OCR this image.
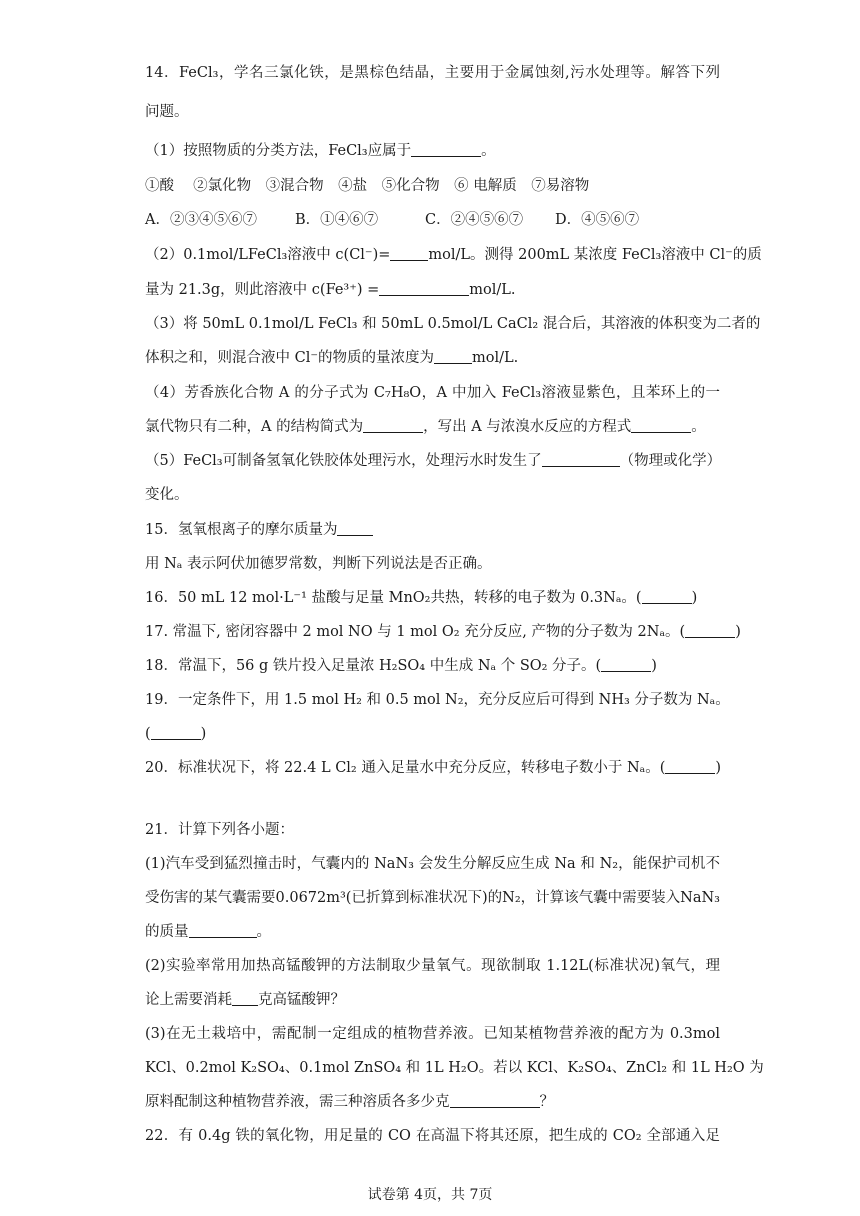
14．FeCl₃，学名三氯化铁，是黑棕色结晶，主要用于金属蚀刻,污水处理等。解答下列
问题。
（1）按照物质的分类方法，FeCl₃应属于	。
①酸　 ②氯化物　③混合物　④盐　⑤化合物　⑥ 电解质　⑦易溶物
A．②③④⑤⑥⑦	B．①④⑥⑦	C．②④⑤⑥⑦ D．④⑤⑥⑦
（2）0.1mol/LFeCl₃溶液中 c(Cl⁻)=	mol/L。测得 200mL 某浓度 FeCl₃溶液中 Cl⁻的质
量为 21.3g，则此溶液中 c(Fe³⁺) =	mol/L.
（3）将 50mL 0.1mol/L FeCl₃ 和 50mL 0.5mol/L CaCl₂ 混合后，其溶液的体积变为二者的
体积之和，则混合液中 Cl⁻的物质的量浓度为	mol/L.
（4）芳香族化合物 A 的分子式为 C₇H₈O，A 中加入 FeCl₃溶液显紫色，且苯环上的一
氯代物只有二种，A 的结构简式为	，写出 A 与浓溴水反应的方程式	。
（5）FeCl₃可制备氢氧化铁胶体处理污水，处理污水时发生了	（物理或化学）
变化。
15．氢氧根离子的摩尔质量为
用 Nₐ 表示阿伏加德罗常数，判断下列说法是否正确。
16．50 mL 12 mol·L⁻¹ 盐酸与足量 MnO₂共热，转移的电子数为 0.3Nₐ。(	)
17. 常温下, 密闭容器中 2 mol NO 与 1 mol O₂ 充分反应, 产物的分子数为 2Nₐ。(	)
18．常温下，56 g 铁片投入足量浓 H₂SO₄ 中生成 Nₐ 个 SO₂ 分子。(	)
19．一定条件下，用 1.5 mol H₂ 和 0.5 mol N₂，充分反应后可得到 NH₃ 分子数为 Nₐ。
(	)
20．标准状况下，将 22.4 L Cl₂ 通入足量水中充分反应，转移电子数小于 Nₐ。(	)
21．计算下列各小题：
(1)汽车受到猛烈撞击时，气囊内的 NaN₃ 会发生分解反应生成 Na 和 N₂，能保护司机不
受伤害的某气囊需要0.0672m³(已折算到标准状况下)的N₂，计算该气囊中需要装入NaN₃
的质量	。
(2)实验率常用加热高锰酸钾的方法制取少量氧气。现欲制取 1.12L(标准状况)氧气，理
论上需要消耗 克高锰酸钾？
(3)在无土栽培中，需配制一定组成的植物营养液。已知某植物营养液的配方为 0.3mol
KCl、0.2mol K₂SO₄、0.1mol ZnSO₄ 和 1L H₂O。若以 KCl、K₂SO₄、ZnCl₂ 和 1L H₂O 为
原料配制这种植物营养液，需三种溶质各多少克	？
22．有 0.4g 铁的氧化物，用足量的 CO 在高温下将其还原，把生成的 CO₂ 全部通入足
试卷第 4页，共 7页
